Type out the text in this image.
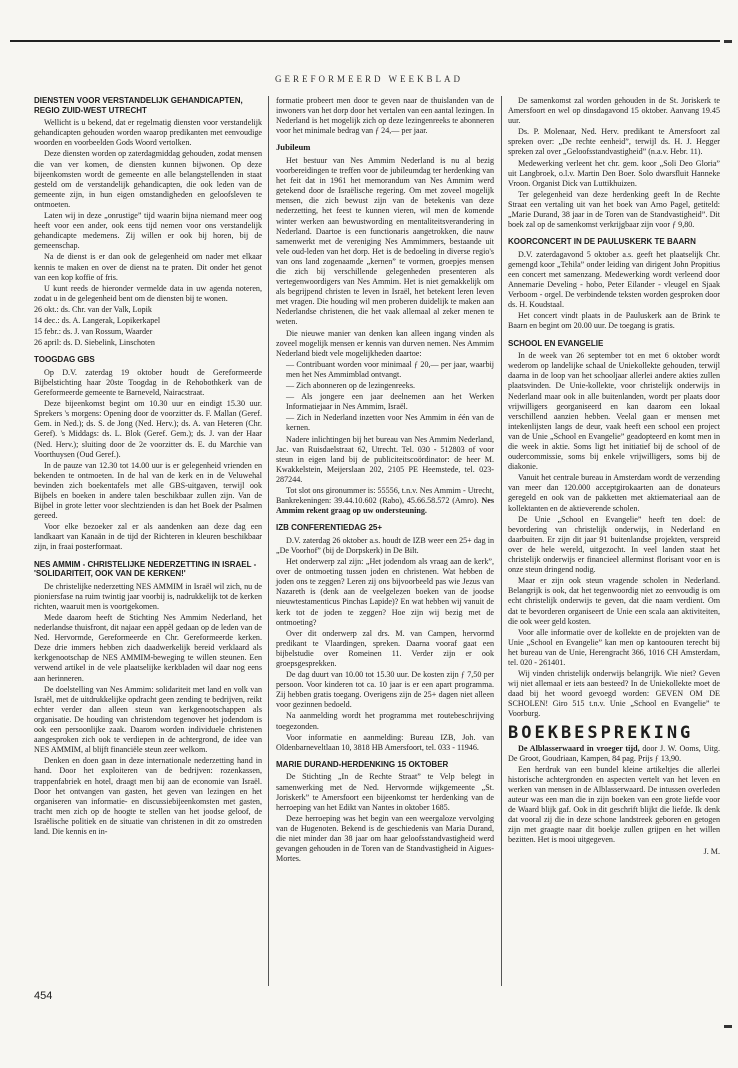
GEREFORMEERD WEEKBLAD
DIENSTEN VOOR VERSTANDELIJK GEHANDICAPTEN, REGIO ZUID-WEST UTRECHT

Wellicht is u bekend, dat er regelmatig diensten voor verstandelijk gehandicapten gehouden worden waarop predikanten met eenvoudige woorden en voorbeelden Gods Woord vertolken.

Deze diensten worden op zaterdagmiddag gehouden, zodat mensen die van ver komen, de diensten kunnen bijwonen. Op deze bijeenkomsten wordt de gemeente en alle belangstellenden in staat gesteld om de verstandelijk gehandicapten, die ook leden van de gemeente zijn, in hun eigen omstandigheden en geloofsleven te ontmoeten.

Laten wij in deze „onrustige” tijd waarin bijna niemand meer oog heeft voor een ander, ook eens tijd nemen voor ons verstandelijk gehandicapte medemens. Zij willen er ook bij horen, bij de gemeenschap.

Na de dienst is er dan ook de gelegenheid om nader met elkaar kennis te maken en over de dienst na te praten. Dit onder het genot van een kop koffie of fris.

U kunt reeds de hieronder vermelde data in uw agenda noteren, zodat u in de gelegenheid bent om de diensten bij te wonen.

26 okt.: ds. Chr. van der Valk, Lopik

14 dec.: ds. A. Langerak, Lopikerkapel

15 febr.: ds. J. van Rossum, Waarder

26 april: ds. D. Siebelink, Linschoten

TOOGDAG GBS

Op D.V. zaterdag 19 oktober houdt de Gereformeerde Bijbelstichting haar 20ste Toogdag in de Rehobothkerk van de Gereformeerde gemeente te Barneveld, Nairacstraat.

Deze bijeenkomst begint om 10.30 uur en eindigt 15.30 uur. Sprekers 's morgens: Opening door de voorzitter ds. F. Mallan (Geref. Gem. in Ned.); ds. S. de Jong (Ned. Herv.); ds. A. van Heteren (Chr. Geref). 's Middags: ds. L. Blok (Geref. Gem.); ds. J. van der Haar (Ned. Herv.); sluiting door de 2e voorzitter ds. E. du Marchie van Voorthuysen (Oud Geref.).

In de pauze van 12.30 tot 14.00 uur is er gelegenheid vrienden en bekenden te ontmoeten. In de hal van de kerk en in de Veluwehal bevinden zich boekentafels met alle GBS-uitgaven, terwijl ook Bijbels en boeken in andere talen beschikbaar zullen zijn. Van de Bijbel in grote letter voor slechtzienden is dan het Boek der Psalmen gereed.

Voor elke bezoeker zal er als aandenken aan deze dag een landkaart van Kanaän in de tijd der Richteren in kleuren beschikbaar zijn, in fraai posterformaat.

NES AMMIM - CHRISTELIJKE NEDERZETTING IN ISRAEL - 'SOLIDARITEIT, OOK VAN DE KERKEN!'

De christelijke nederzetting NES AMMIM in Israël wil zich, nu de pioniersfase na ruim twintig jaar voorbij is, nadrukkelijk tot de kerken richten, waaruit men is voortgekomen.

Mede daarom heeft de Stichting Nes Ammim Nederland, het nederlandse thuisfront, dit najaar een appèl gedaan op de leden van de Ned. Hervormde, Gereformeerde en Chr. Gereformeerde kerken. Deze drie immers hebben zich daadwerkelijk bereid verklaard als kerkgenootschap de NES AMMIM-beweging te willen steunen. Een verwend artikel in de vele plaatselijke kerkbladen wil daar nog eens aan herinneren.

De doelstelling van Nes Ammim: solidariteit met land en volk van Israël, met de uitdrukkelijke opdracht geen zending te bedrijven, reikt echter verder dan alleen steun van kerkgenootschappen als organisatie. De houding van christendom tegenover het jodendom is ook een persoonlijke zaak. Daarom worden individuele christenen aangesproken zich ook te verdiepen in de achtergrond, de idee van NES AMMIM, al blijft financiële steun zeer welkom.

Denken en doen gaan in deze internationale nederzetting hand in hand. Door het exploiteren van de bedrijven: rozenkassen, trappenfabriek en hotel, draagt men bij aan de economie van Israël. Door het ontvangen van gasten, het geven van lezingen en het organiseren van informatie- en discussiebijeenkomsten met gasten, tracht men zich op de hoogte te stellen van het joodse geloof, de Israëlische politiek en de situatie van christenen in dit zo omstreden land. Die kennis en in-

formatie probeert men door te geven naar de thuislanden van de inwoners van het dorp door het vertalen van een aantal lezingen. In Nederland is het mogelijk zich op deze lezingenreeks te abonneren voor het minimale bedrag van ƒ 24,— per jaar.

Jubileum

Het bestuur van Nes Ammim Nederland is nu al bezig voorbereidingen te treffen voor de jubileumdag ter herdenking van het feit dat in 1961 het memorandum van Nes Ammim werd getekend door de Israëlische regering. Om met zoveel mogelijk mensen, die zich bewust zijn van de betekenis van deze nederzetting, het feest te kunnen vieren, wil men de komende winter werken aan bewustwording en mentaliteitsverandering in Nederland. Daartoe is een functionaris aangetrokken, die nauw samenwerkt met de vereniging Nes Ammimmers, bestaande uit vele oud-leden van het dorp. Het is de bedoeling in diverse regio's van ons land zogenaamde „kernen” te vormen, groepjes mensen die zich bij verschillende gelegenheden presenteren als vertegenwoordigers van Nes Ammim. Het is niet gemakkelijk om als begrijpend christen te leven in Israël, het betekent leren leven met vragen. Die houding wil men proberen duidelijk te maken aan Nederlandse christenen, die het vaak allemaal al zeker menen te weten.

Die nieuwe manier van denken kan alleen ingang vinden als zoveel mogelijk mensen er kennis van durven nemen. Nes Ammim Nederland biedt vele mogelijkheden daartoe:

— Contribuant worden voor minimaal ƒ 20,— per jaar, waarbij men het Nes Ammimblad ontvangt.

— Zich abonneren op de lezingenreeks.

— Als jongere een jaar deelnemen aan het Werken Informatiejaar in Nes Ammim, Israël.

— Zich in Nederland inzetten voor Nes Ammim in één van de kernen.

Nadere inlichtingen bij het bureau van Nes Ammim Nederland, Jac. van Ruisdaelstraat 62, Utrecht. Tel. 030 - 512803 of voor steun in eigen land bij de publiciteitscoördinator: de heer M. Kwakkelstein, Meijerslaan 202, 2105 PE Heemstede, tel. 023-287244.

Tot slot ons gironummer is: 55556, t.n.v. Nes Ammim - Utrecht, Bankrekeningen: 39.44.10.602 (Rabo), 45.66.58.572 (Amro). Nes Ammim rekent graag op uw ondersteuning.

IZB CONFERENTIEDAG 25+

D.V. zaterdag 26 oktober a.s. houdt de IZB weer een 25+ dag in „De Voorhof” (bij de Dorpskerk) in De Bilt.

Het onderwerp zal zijn: „Het jodendom als vraag aan de kerk”, over de ontmoeting tussen joden en christenen. Wat hebben de joden ons te zeggen? Leren zij ons bijvoorbeeld pas wie Jezus van Nazareth is (denk aan de veelgelezen boeken van de joodse nieuwtestamenticus Pinchas Lapide)? En wat hebben wij vanuit de kerk tot de joden te zeggen? Hoe zijn wij bezig met de ontmoeting?

Over dit onderwerp zal drs. M. van Campen, hervormd predikant te Vlaardingen, spreken. Daarna vooraf gaat een bijbelstudie over Romeinen 11. Verder zijn er ook groepsgesprekken.

De dag duurt van 10.00 tot 15.30 uur. De kosten zijn ƒ 7,50 per persoon. Voor kinderen tot ca. 10 jaar is er een apart programma. Zij hebben gratis toegang. Overigens zijn de 25+ dagen niet alleen voor gezinnen bedoeld.

Na aanmelding wordt het programma met routebeschrijving toegezonden.

Voor informatie en aanmelding: Bureau IZB, Joh. van Oldenbarneveltlaan 10, 3818 HB Amersfoort, tel. 033 - 11946.

MARIE DURAND-HERDENKING 15 OKTOBER

De Stichting „In de Rechte Straat” te Velp belegt in samenwerking met de Ned. Hervormde wijkgemeente „St. Joriskerk” te Amersfoort een bijeenkomst ter herdenking van de herroeping van het Edikt van Nantes in oktober 1685.

Deze herroeping was het begin van een weergaloze vervolging van de Hugenoten. Bekend is de geschiedenis van Maria Durand, die niet minder dan 38 jaar om haar geloofsstandvastigheid werd gevangen gehouden in de Toren van de Standvastigheid in Aigues-Mortes.

De samenkomst zal worden gehouden in de St. Joriskerk te Amersfoort en wel op dinsdagavond 15 oktober. Aanvang 19.45 uur.

Ds. P. Molenaar, Ned. Herv. predikant te Amersfoort zal spreken over: „De rechte eenheid”, terwijl ds. H. J. Hegger spreken zal over „Geloofsstandvastigheid” (n.a.v. Hebr. 11).

Medewerking verleent het chr. gem. koor „Soli Deo Gloria” uit Langbroek, o.l.v. Martin Den Boer. Solo dwarsfluit Hanneke Vroon. Organist Dick van Luttikhuizen.

Ter gelegenheid van deze herdenking geeft In de Rechte Straat een vertaling uit van het boek van Arno Pagel, getiteld: „Marie Durand, 38 jaar in de Toren van de Standvastigheid”. Dit boek zal op de samenkomst verkrijgbaar zijn voor ƒ 9,80.

KOORCONCERT IN DE PAULUSKERK TE BAARN

D.V. zaterdagavond 5 oktober a.s. geeft het plaatselijk Chr. gemengd koor „Tehila” onder leiding van dirigent John Propitius een concert met samenzang. Medewerking wordt verleend door Annemarie Develing - hobo, Peter Eilander - vleugel en Sjaak Verboom - orgel. De verbindende teksten worden gesproken door ds. H. Koudstaal.

Het concert vindt plaats in de Pauluskerk aan de Brink te Baarn en begint om 20.00 uur. De toegang is gratis.

SCHOOL EN EVANGELIE

In de week van 26 september tot en met 6 oktober wordt wederom op landelijke schaal de Uniekollekte gehouden, terwijl daarna in de loop van het schooljaar allerlei andere akties zullen plaatsvinden. De Unie-kollekte, voor christelijk onderwijs in Nederland maar ook in alle buitenlanden, wordt per plaats door vrijwilligers georganiseerd en kan daarom een lokaal verschillend aanzien hebben. Veelal gaan er mensen met intekenlijsten langs de deur, vaak heeft een school een project van de Unie „School en Evangelie” geadopteerd en komt men in die week in aktie. Soms ligt het initiatief bij de school of de oudercommissie, soms bij enkele vrijwilligers, soms bij de diakonie.

Vanuit het centrale bureau in Amsterdam wordt de verzending van meer dan 120.000 acceptgirokaarten aan de donateurs geregeld en ook van de pakketten met aktiemateriaal aan de kollektanten en de aktieverende scholen.

De Unie „School en Evangelie” heeft ten doel: de bevordering van christelijk onderwijs, in Nederland en daarbuiten. Er zijn dit jaar 91 buitenlandse projekten, verspreid over de hele wereld, uitgezocht. In veel landen staat het christelijk onderwijs er financieel allerminst florisant voor en is onze steun dringend nodig.

Maar er zijn ook steun vragende scholen in Nederland. Belangrijk is ook, dat het tegenwoordig niet zo eenvoudig is om echt christelijk onderwijs te geven, dat die naam verdient. Om dat te bevorderen organiseert de Unie een scala aan aktiviteiten, die ook weer geld kosten.

Voor alle informatie over de kollekte en de projekten van de Unie „School en Evangelie” kan men op kantoouren terecht bij het bureau van de Unie, Herengracht 366, 1016 CH Amsterdam, tel. 020 - 261401.

Wij vinden christelijk onderwijs belangrijk. Wie niet? Geven wij niet allemaal er iets aan besteed? In de Uniekollekte moet de daad bij het woord gevoegd worden: GEVEN OM DE SCHOLEN! Giro 515 t.n.v. Unie „School en Evangelie” te Voorburg.

BOEKBESPREKING

De Alblasserwaard in vroeger tijd, door J. W. Ooms, Uitg. De Groot, Goudriaan, Kampen, 84 pag. Prijs ƒ 13,90.

Een herdruk van een bundel kleine artikeltjes die allerlei historische achtergronden en aspecten vertelt van het leven en werken van mensen in de Alblasserwaard. De intussen overleden auteur was een man die in zijn boeken van een grote liefde voor de Waard blijk gaf. Ook in dit geschrift blijkt die liefde. Ik denk dat vooral zij die in deze schone landstreek geboren en getogen zijn met graagte naar dit boekje zullen grijpen en het willen bezitten. Het is mooi uitgegeven.

J. M.

454
